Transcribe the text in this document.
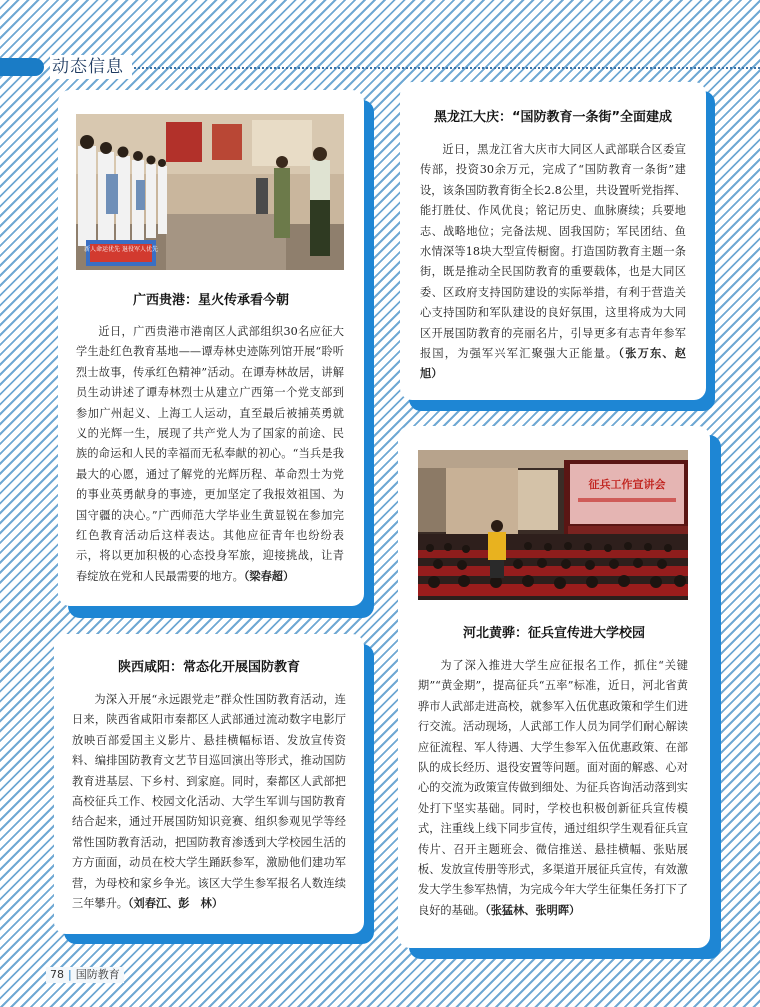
动态信息
新人命运优先 退役军人优先
广西贵港：星火传承看今朝

近日，广西贵港市港南区人武部组织30名应征大学生赴红色教育基地——谭寿林史迹陈列馆开展“聆听烈士故事，传承红色精神”活动。在谭寿林故居，讲解员生动讲述了谭寿林烈士从建立广西第一个党支部到参加广州起义、上海工人运动，直至最后被捕英勇就义的光辉一生，展现了共产党人为了国家的前途、民族的命运和人民的幸福而无私奉献的初心。“当兵是我最大的心愿，通过了解党的光辉历程、革命烈士为党的事业英勇献身的事迹，更加坚定了我报效祖国、为国守疆的决心。”广西师范大学毕业生黄显锐在参加完红色教育活动后这样表达。其他应征青年也纷纷表示，将以更加积极的心态投身军旅，迎接挑战，让青春绽放在党和人民最需要的地方。（梁春超）

黑龙江大庆：“国防教育一条街”全面建成

近日，黑龙江省大庆市大同区人武部联合区委宣传部，投资30余万元，完成了“国防教育一条街”建设，该条国防教育街全长2.8公里，共设置听党指挥、能打胜仗、作风优良；铭记历史、血脉赓续；兵要地志、战略地位；完备法规、固我国防；军民团结、鱼水情深等18块大型宣传橱窗。打造国防教育主题一条街，既是推动全民国防教育的重要载体，也是大同区委、区政府支持国防建设的实际举措，有利于营造关心支持国防和军队建设的良好氛围，这里将成为大同区开展国防教育的亮丽名片，引导更多有志青年参军报国，为强军兴军汇聚强大正能量。（张万东、赵　旭）

陕西咸阳：常态化开展国防教育

为深入开展“永远跟党走”群众性国防教育活动，连日来，陕西省咸阳市秦都区人武部通过流动数字电影厅放映百部爱国主义影片、悬挂横幅标语、发放宣传资料、编排国防教育文艺节目巡回演出等形式，推动国防教育进基层、下乡村、到家庭。同时，秦都区人武部把高校征兵工作、校园文化活动、大学生军训与国防教育结合起来，通过开展国防知识竞赛、组织参观见学等经常性国防教育活动，把国防教育渗透到大学校园生活的方方面面，动员在校大学生踊跃参军，激励他们建功军营，为母校和家乡争光。该区大学生参军报名人数连续三年攀升。（刘春江、彭　林）

征兵工作宣讲会
河北黄骅：征兵宣传进大学校园

为了深入推进大学生应征报名工作，抓住“关键期”“黄金期”，提高征兵“五率”标准，近日，河北省黄骅市人武部走进高校，就参军入伍优惠政策和学生们进行交流。活动现场，人武部工作人员为同学们耐心解读应征流程、军人待遇、大学生参军入伍优惠政策、在部队的成长经历、退役安置等问题。面对面的解惑、心对心的交流为政策宣传做到细处、为征兵咨询活动落到实处打下坚实基础。同时，学校也积极创新征兵宣传模式，注重线上线下同步宣传，通过组织学生观看征兵宣传片、召开主题班会、微信推送、悬挂横幅、张贴展板、发放宣传册等形式，多渠道开展征兵宣传，有效激发大学生参军热情，为完成今年大学生征集任务打下了良好的基础。（张猛林、张明晖）

78 | 国防教育
